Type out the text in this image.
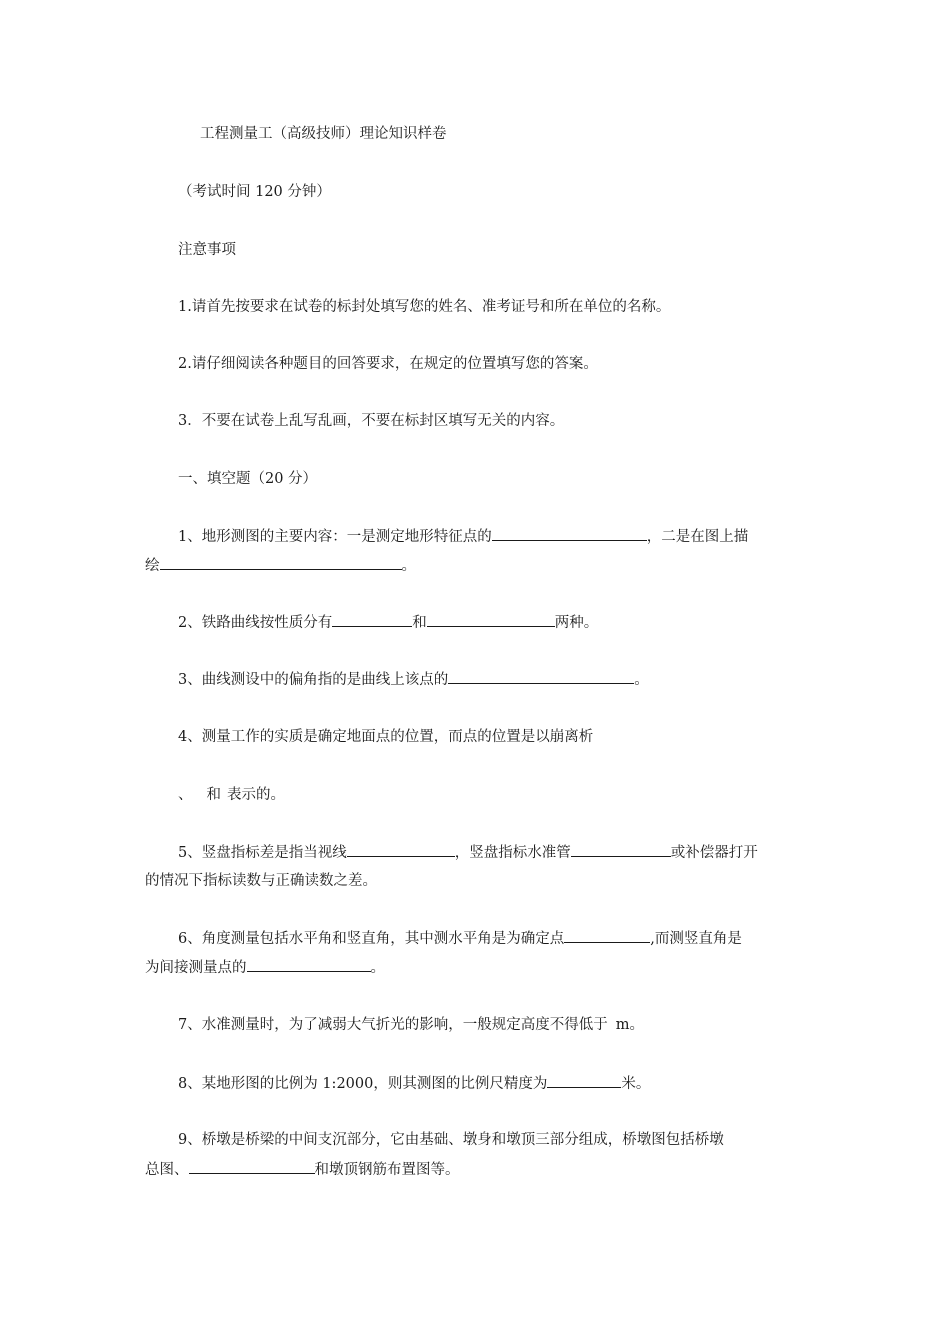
工程测量工（高级技师）理论知识样卷
（考试时间 120 分钟）
注意事项
1.请首先按要求在试卷的标封处填写您的姓名、准考证号和所在单位的名称。
2.请仔细阅读各种题目的回答要求，在规定的位置填写您的答案。
3．不要在试卷上乱写乱画，不要在标封区填写无关的内容。
一、填空题（20 分）
1、地形测图的主要内容：一是测定地形特征点的	，二是在图上描
绘	。
2、铁路曲线按性质分有	和	两种。
3、曲线测设中的偏角指的是曲线上该点的	。
4、测量工作的实质是确定地面点的位置，而点的位置是以崩离析
、 和 表示的。
5、竖盘指标差是指当视线	，竖盘指标水准管	或补偿器打开
的情况下指标读数与正确读数之差。
6、角度测量包括水平角和竖直角，其中测水平角是为确定点	,而测竖直角是
为间接测量点的	。
7、水准测量时，为了减弱大气折光的影响，一般规定高度不得低于 m。
8、某地形图的比例为 1:2000，则其测图的比例尺精度为	米。
9、桥墩是桥梁的中间支沉部分，它由基础、墩身和墩顶三部分组成，桥墩图包括桥墩
总图、	和墩顶钢筋布置图等。
